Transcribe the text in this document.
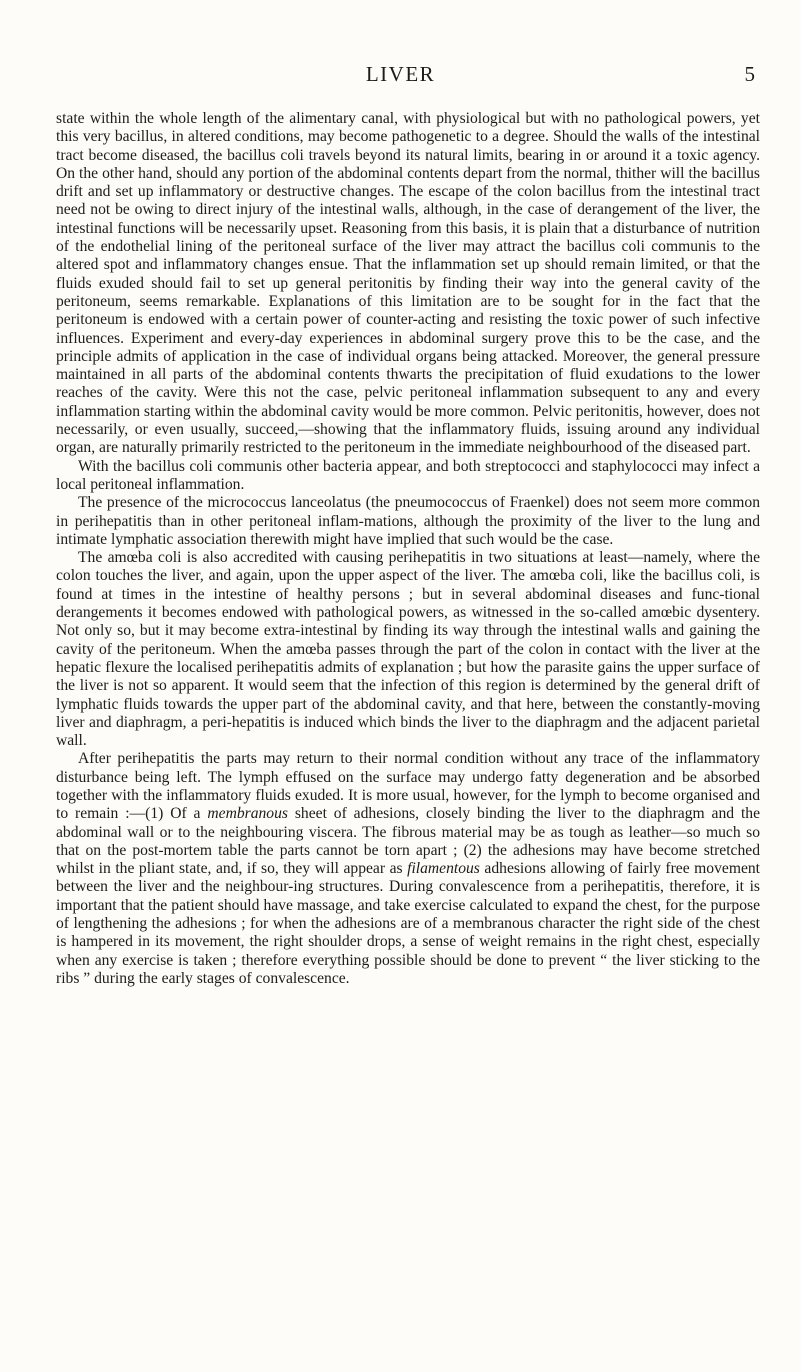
LIVER	5

state within the whole length of the alimentary canal, with physiological but with no pathological powers, yet this very bacillus, in altered conditions, may become pathogenetic to a degree. Should the walls of the intestinal tract become diseased, the bacillus coli travels beyond its natural limits, bearing in or around it a toxic agency. On the other hand, should any portion of the abdominal contents depart from the normal, thither will the bacillus drift and set up inflammatory or destructive changes. The escape of the colon bacillus from the intestinal tract need not be owing to direct injury of the intestinal walls, although, in the case of derangement of the liver, the intestinal functions will be necessarily upset. Reasoning from this basis, it is plain that a disturbance of nutrition of the endothelial lining of the peritoneal surface of the liver may attract the bacillus coli communis to the altered spot and inflammatory changes ensue. That the inflammation set up should remain limited, or that the fluids exuded should fail to set up general peritonitis by finding their way into the general cavity of the peritoneum, seems remarkable. Explanations of this limitation are to be sought for in the fact that the peritoneum is endowed with a certain power of counter-acting and resisting the toxic power of such infective influences. Experiment and every-day experiences in abdominal surgery prove this to be the case, and the principle admits of application in the case of individual organs being attacked. Moreover, the general pressure maintained in all parts of the abdominal contents thwarts the precipitation of fluid exudations to the lower reaches of the cavity. Were this not the case, pelvic peritoneal inflammation subsequent to any and every inflammation starting within the abdominal cavity would be more common. Pelvic peritonitis, however, does not necessarily, or even usually, succeed,—showing that the inflammatory fluids, issuing around any individual organ, are naturally primarily restricted to the peritoneum in the immediate neighbourhood of the diseased part.

With the bacillus coli communis other bacteria appear, and both streptococci and staphylococci may infect a local peritoneal inflammation.

The presence of the micrococcus lanceolatus (the pneumococcus of Fraenkel) does not seem more common in perihepatitis than in other peritoneal inflam-mations, although the proximity of the liver to the lung and intimate lymphatic association therewith might have implied that such would be the case.

The amœba coli is also accredited with causing perihepatitis in two situations at least—namely, where the colon touches the liver, and again, upon the upper aspect of the liver. The amœba coli, like the bacillus coli, is found at times in the intestine of healthy persons ; but in several abdominal diseases and func-tional derangements it becomes endowed with pathological powers, as witnessed in the so-called amœbic dysentery. Not only so, but it may become extra-intestinal by finding its way through the intestinal walls and gaining the cavity of the peritoneum. When the amœba passes through the part of the colon in contact with the liver at the hepatic flexure the localised perihepatitis admits of explanation ; but how the parasite gains the upper surface of the liver is not so apparent. It would seem that the infection of this region is determined by the general drift of lymphatic fluids towards the upper part of the abdominal cavity, and that here, between the constantly-moving liver and diaphragm, a peri-hepatitis is induced which binds the liver to the diaphragm and the adjacent parietal wall.

After perihepatitis the parts may return to their normal condition without any trace of the inflammatory disturbance being left. The lymph effused on the surface may undergo fatty degeneration and be absorbed together with the inflammatory fluids exuded. It is more usual, however, for the lymph to become organised and to remain :—(1) Of a membranous sheet of adhesions, closely binding the liver to the diaphragm and the abdominal wall or to the neighbouring viscera. The fibrous material may be as tough as leather—so much so that on the post-mortem table the parts cannot be torn apart ; (2) the adhesions may have become stretched whilst in the pliant state, and, if so, they will appear as filamentous adhesions allowing of fairly free movement between the liver and the neighbour-ing structures. During convalescence from a perihepatitis, therefore, it is important that the patient should have massage, and take exercise calculated to expand the chest, for the purpose of lengthening the adhesions ; for when the adhesions are of a membranous character the right side of the chest is hampered in its movement, the right shoulder drops, a sense of weight remains in the right chest, especially when any exercise is taken ; therefore everything possible should be done to prevent “ the liver sticking to the ribs ” during the early stages of convalescence.
